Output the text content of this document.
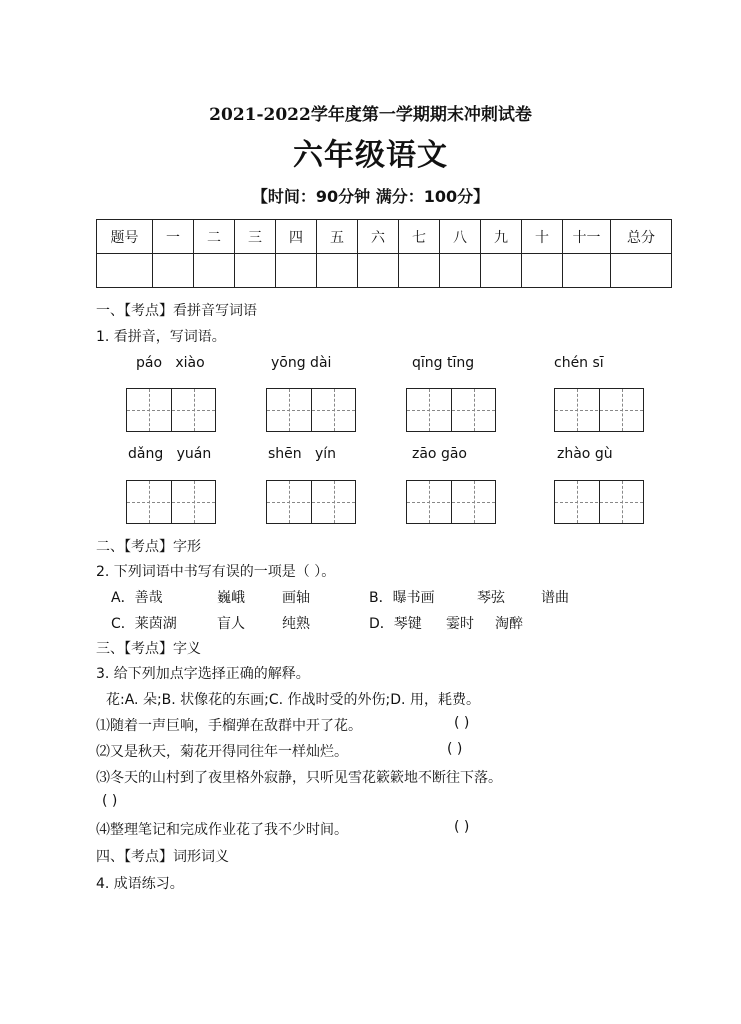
2021-2022学年度第一学期期末冲刺试卷
六年级语文
【时间：90分钟 满分：100分】
题号	一	二	三	四	五	六	七	八	九	十	十一	总分

一、【考点】看拼音写词语
1. 看拼音，写词语。
páo   xiào	yōng dài	qīng tīng	chén sī
dǎng   yuán	shēn   yín	zāo gāo	zhào gù
二、【考点】字形
2. 下列词语中书写有误的一项是（ ）。
A．善哉	巍峨	画轴	B．曝书画	琴弦	谱曲
C．莱茵湖	盲人	纯熟	D．琴键 霎时 淘醉
三、【考点】字义
3. 给下列加点字选择正确的解释。
花:A. 朵;B. 状像花的东画;C. 作战时受的外伤;D. 用，耗费。
⑴随着一声巨响，手榴弹在敌群中开了花。	( )
⑵又是秋天，菊花开得同往年一样灿烂。	( )
⑶冬天的山村到了夜里格外寂静，只听见雪花簌簌地不断往下落。
( )
⑷整理笔记和完成作业花了我不少时间。	( )
四、【考点】词形词义
4. 成语练习。
